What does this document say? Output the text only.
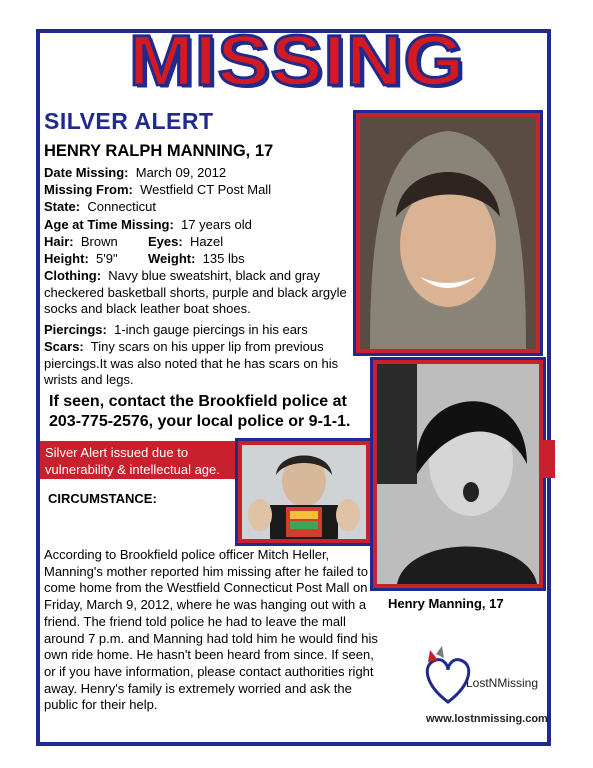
MISSING
SILVER ALERT
HENRY RALPH MANNING, 17
Date Missing: March 09, 2012
Missing From: Westfield CT Post Mall
State: Connecticut
Age at Time Missing: 17 years old
Hair: Brown Eyes: Hazel
Height: 5'9" Weight: 135 lbs
Clothing: Navy blue sweatshirt, black and gray checkered basketball shorts, purple and black argyle socks and black leather boat shoes.
Piercings: 1-inch gauge piercings in his ears
Scars: Tiny scars on his upper lip from previous piercings.It was also noted that he has scars on his wrists and legs.
If seen, contact the Brookfield police at 203-775-2576, your local police or 9-1-1.
Silver Alert issued due to vulnerability & intellectual age.
CIRCUMSTANCE:
According to Brookfield police officer Mitch Heller, Manning's mother reported him missing after he failed to come home from the Westfield Connecticut Post Mall on Friday, March 9, 2012, where he was hanging out with a friend. The friend told police he had to leave the mall around 7 p.m. and Manning had told him he would find his own ride home. He hasn't been heard from since. If seen, or if you have information, please contact authorities right away. Henry's family is extremely worried and ask the public for their help.
Henry Manning, 17
LostNMissing
www.lostnmissing.com
